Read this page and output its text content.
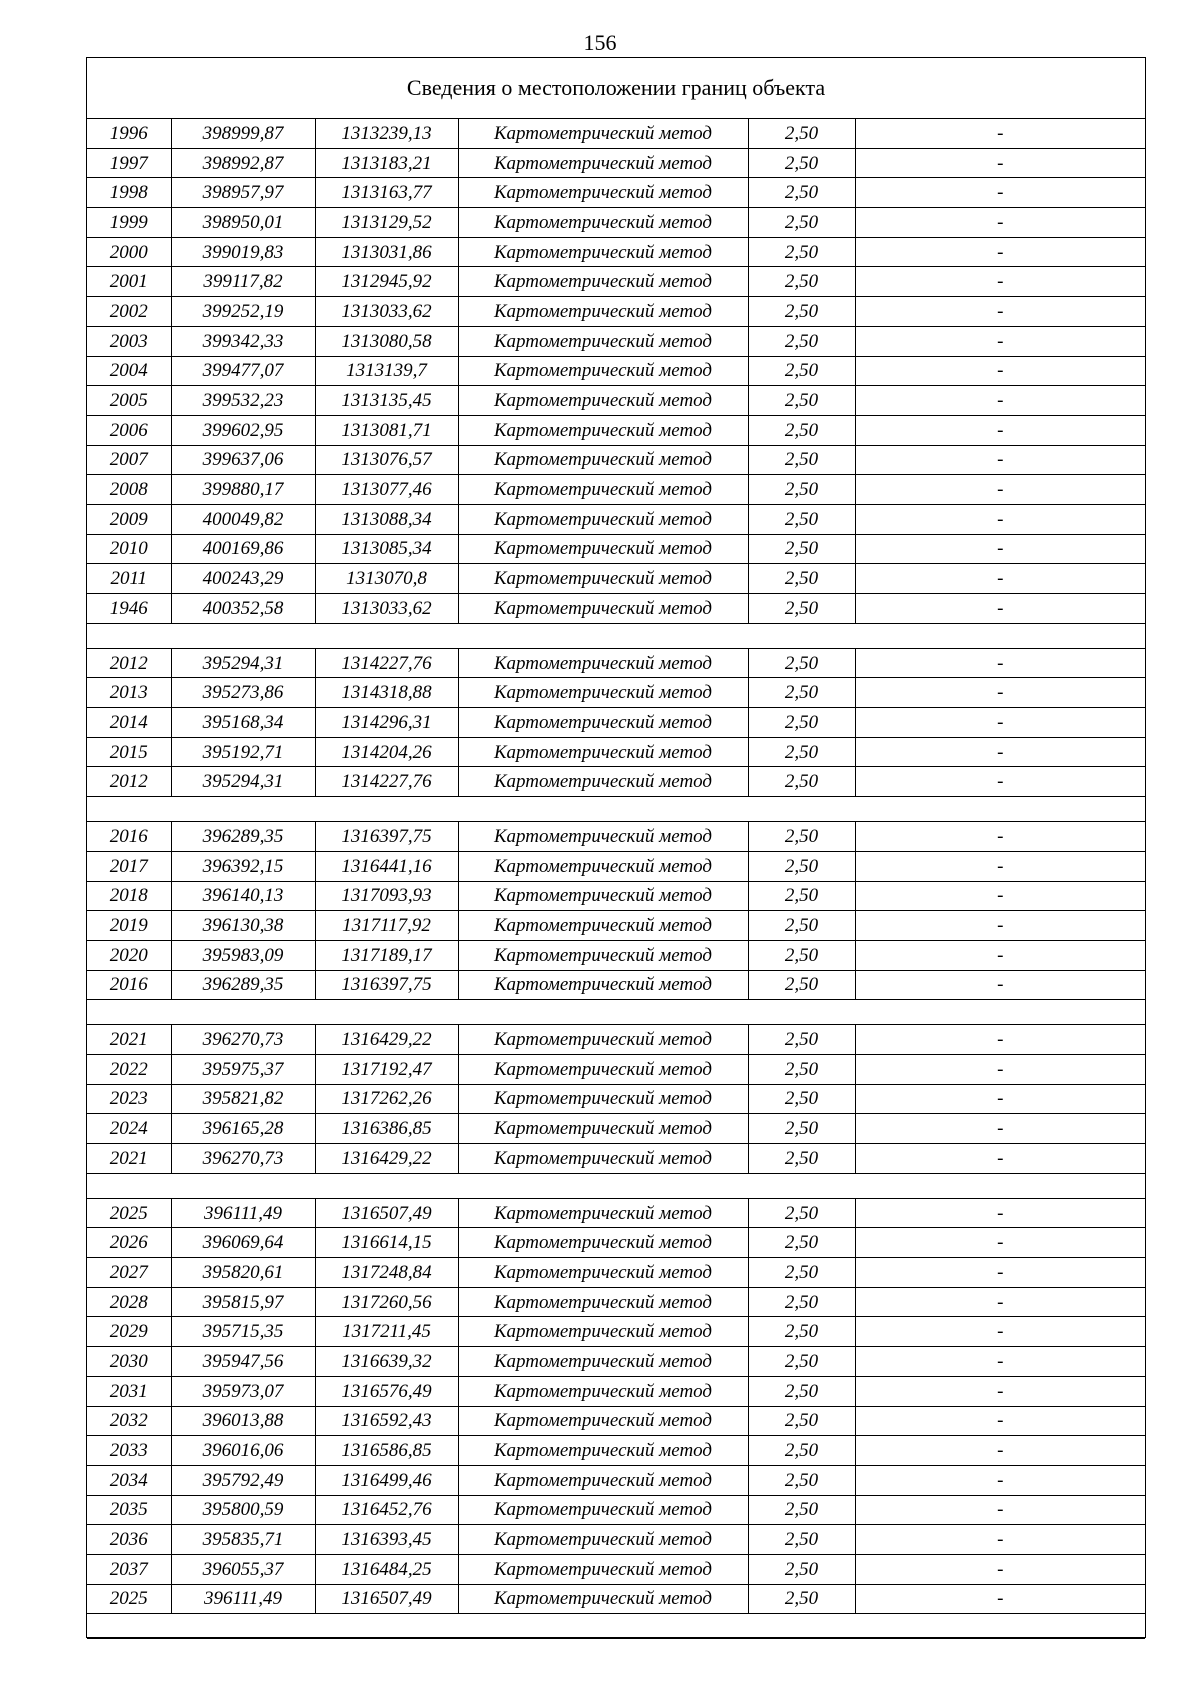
156
Сведения о местоположении границ объекта
1996	398999,87	1313239,13	Картометрический метод	2,50	-
1997	398992,87	1313183,21	Картометрический метод	2,50	-
1998	398957,97	1313163,77	Картометрический метод	2,50	-
1999	398950,01	1313129,52	Картометрический метод	2,50	-
2000	399019,83	1313031,86	Картометрический метод	2,50	-
2001	399117,82	1312945,92	Картометрический метод	2,50	-
2002	399252,19	1313033,62	Картометрический метод	2,50	-
2003	399342,33	1313080,58	Картометрический метод	2,50	-
2004	399477,07	1313139,7	Картометрический метод	2,50	-
2005	399532,23	1313135,45	Картометрический метод	2,50	-
2006	399602,95	1313081,71	Картометрический метод	2,50	-
2007	399637,06	1313076,57	Картометрический метод	2,50	-
2008	399880,17	1313077,46	Картометрический метод	2,50	-
2009	400049,82	1313088,34	Картометрический метод	2,50	-
2010	400169,86	1313085,34	Картометрический метод	2,50	-
2011	400243,29	1313070,8	Картометрический метод	2,50	-
1946	400352,58	1313033,62	Картометрический метод	2,50	-

2012	395294,31	1314227,76	Картометрический метод	2,50	-
2013	395273,86	1314318,88	Картометрический метод	2,50	-
2014	395168,34	1314296,31	Картометрический метод	2,50	-
2015	395192,71	1314204,26	Картометрический метод	2,50	-
2012	395294,31	1314227,76	Картометрический метод	2,50	-

2016	396289,35	1316397,75	Картометрический метод	2,50	-
2017	396392,15	1316441,16	Картометрический метод	2,50	-
2018	396140,13	1317093,93	Картометрический метод	2,50	-
2019	396130,38	1317117,92	Картометрический метод	2,50	-
2020	395983,09	1317189,17	Картометрический метод	2,50	-
2016	396289,35	1316397,75	Картометрический метод	2,50	-

2021	396270,73	1316429,22	Картометрический метод	2,50	-
2022	395975,37	1317192,47	Картометрический метод	2,50	-
2023	395821,82	1317262,26	Картометрический метод	2,50	-
2024	396165,28	1316386,85	Картометрический метод	2,50	-
2021	396270,73	1316429,22	Картометрический метод	2,50	-

2025	396111,49	1316507,49	Картометрический метод	2,50	-
2026	396069,64	1316614,15	Картометрический метод	2,50	-
2027	395820,61	1317248,84	Картометрический метод	2,50	-
2028	395815,97	1317260,56	Картометрический метод	2,50	-
2029	395715,35	1317211,45	Картометрический метод	2,50	-
2030	395947,56	1316639,32	Картометрический метод	2,50	-
2031	395973,07	1316576,49	Картометрический метод	2,50	-
2032	396013,88	1316592,43	Картометрический метод	2,50	-
2033	396016,06	1316586,85	Картометрический метод	2,50	-
2034	395792,49	1316499,46	Картометрический метод	2,50	-
2035	395800,59	1316452,76	Картометрический метод	2,50	-
2036	395835,71	1316393,45	Картометрический метод	2,50	-
2037	396055,37	1316484,25	Картометрический метод	2,50	-
2025	396111,49	1316507,49	Картометрический метод	2,50	-
